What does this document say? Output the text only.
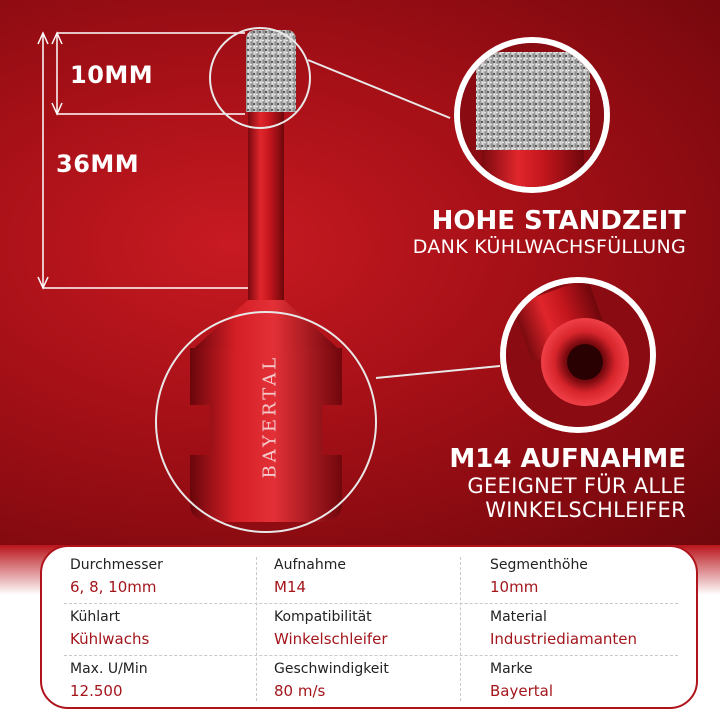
10MM
36MM
BAYERTAL
HOHE STANDZEIT
DANK KÜHLWACHSFÜLLUNG
M14 AUFNAHME
GEEIGNET FÜR ALLE
WINKELSCHLEIFER
Durchmesser
6, 8, 10mm
Aufnahme
M14
Segmenthöhe
10mm
Kühlart
Kühlwachs
Kompatibilität
Winkelschleifer
Material
Industriediamanten
Max. U/Min
12.500
Geschwindigkeit
80 m/s
Marke
Bayertal
